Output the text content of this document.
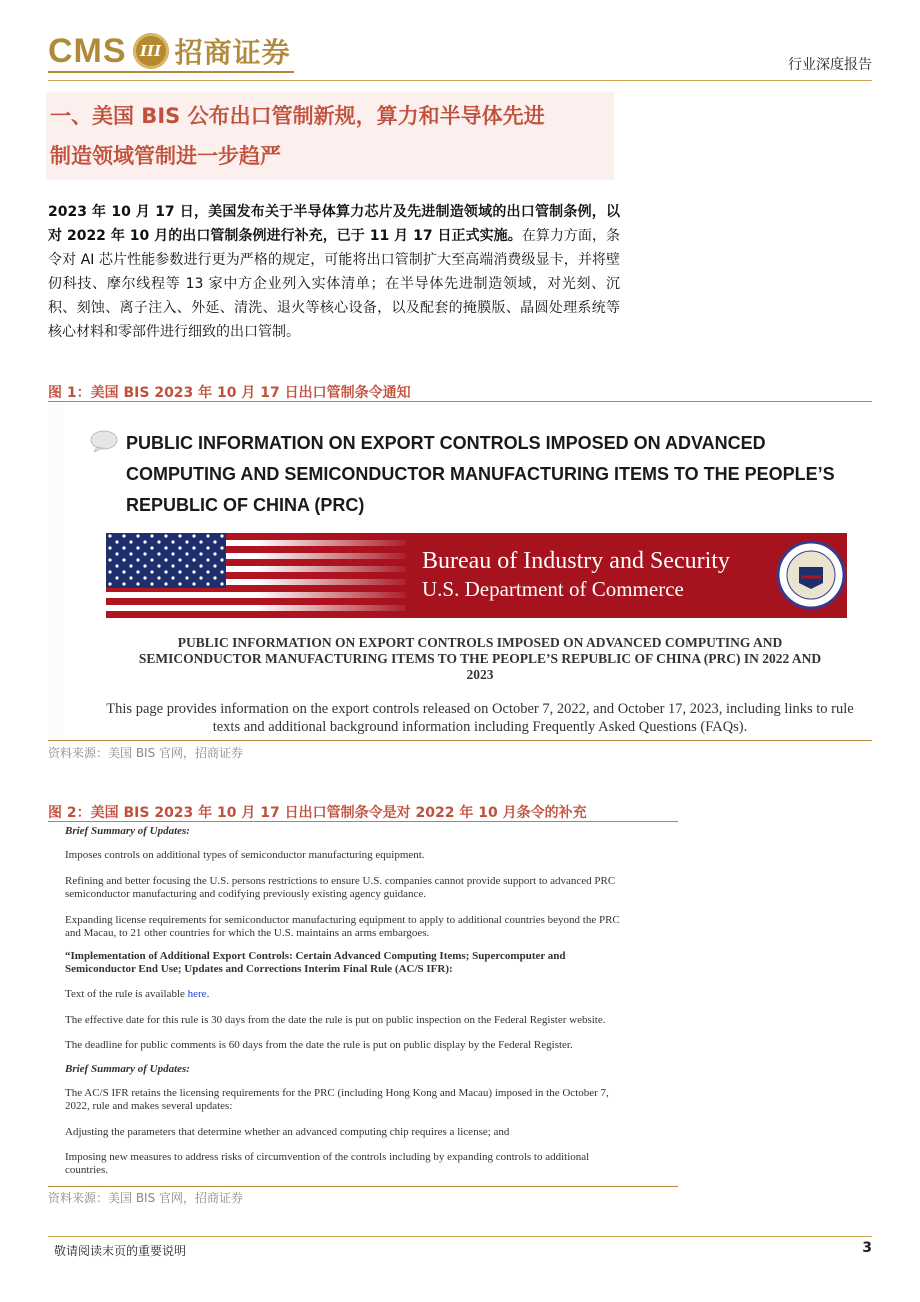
CMS III 招商证券	行业深度报告
一、美国 BIS 公布出口管制新规，算力和半导体先进
制造领域管制进一步趋严
2023 年 10 月 17 日，美国发布关于半导体算力芯片及先进制造领域的出口管制条例，以对 2022 年 10 月的出口管制条例进行补充，已于 11 月 17 日正式实施。在算力方面，条令对 AI 芯片性能参数进行更为严格的规定，可能将出口管制扩大至高端消费级显卡，并将壁仞科技、摩尔线程等 13 家中方企业列入实体清单；在半导体先进制造领域，对光刻、沉积、刻蚀、离子注入、外延、清洗、退火等核心设备，以及配套的掩膜版、晶圆处理系统等核心材料和零部件进行细致的出口管制。
图 1：美国 BIS 2023 年 10 月 17 日出口管制条令通知
PUBLIC INFORMATION ON EXPORT CONTROLS IMPOSED ON ADVANCED
COMPUTING AND SEMICONDUCTOR MANUFACTURING ITEMS TO THE PEOPLE’S
REPUBLIC OF CHINA (PRC)
Bureau of Industry and Security
U.S. Department of Commerce
PUBLIC INFORMATION ON EXPORT CONTROLS IMPOSED ON ADVANCED COMPUTING AND
SEMICONDUCTOR MANUFACTURING ITEMS TO THE PEOPLE’S REPUBLIC OF CHINA (PRC) IN 2022 AND
2023
This page provides information on the export controls released on October 7, 2022, and October 17, 2023, including links to rule
texts and additional background information including Frequently Asked Questions (FAQs).
资料来源：美国 BIS 官网，招商证券
图 2：美国 BIS 2023 年 10 月 17 日出口管制条令是对 2022 年 10 月条令的补充
Brief Summary of Updates:
Imposes controls on additional types of semiconductor manufacturing equipment.
Refining and better focusing the U.S. persons restrictions to ensure U.S. companies cannot provide support to advanced PRC
semiconductor manufacturing and codifying previously existing agency guidance.
Expanding license requirements for semiconductor manufacturing equipment to apply to additional countries beyond the PRC
and Macau, to 21 other countries for which the U.S. maintains an arms embargoes.
“Implementation of Additional Export Controls: Certain Advanced Computing Items; Supercomputer and
Semiconductor End Use; Updates and Corrections Interim Final Rule (AC/S IFR):
Text of the rule is available here.
The effective date for this rule is 30 days from the date the rule is put on public inspection on the Federal Register website.
The deadline for public comments is 60 days from the date the rule is put on public display by the Federal Register.
Brief Summary of Updates:
The AC/S IFR retains the licensing requirements for the PRC (including Hong Kong and Macau) imposed in the October 7,
2022, rule and makes several updates:
Adjusting the parameters that determine whether an advanced computing chip requires a license; and
Imposing new measures to address risks of circumvention of the controls including by expanding controls to additional
countries.
资料来源：美国 BIS 官网，招商证券
敬请阅读末页的重要说明	3
